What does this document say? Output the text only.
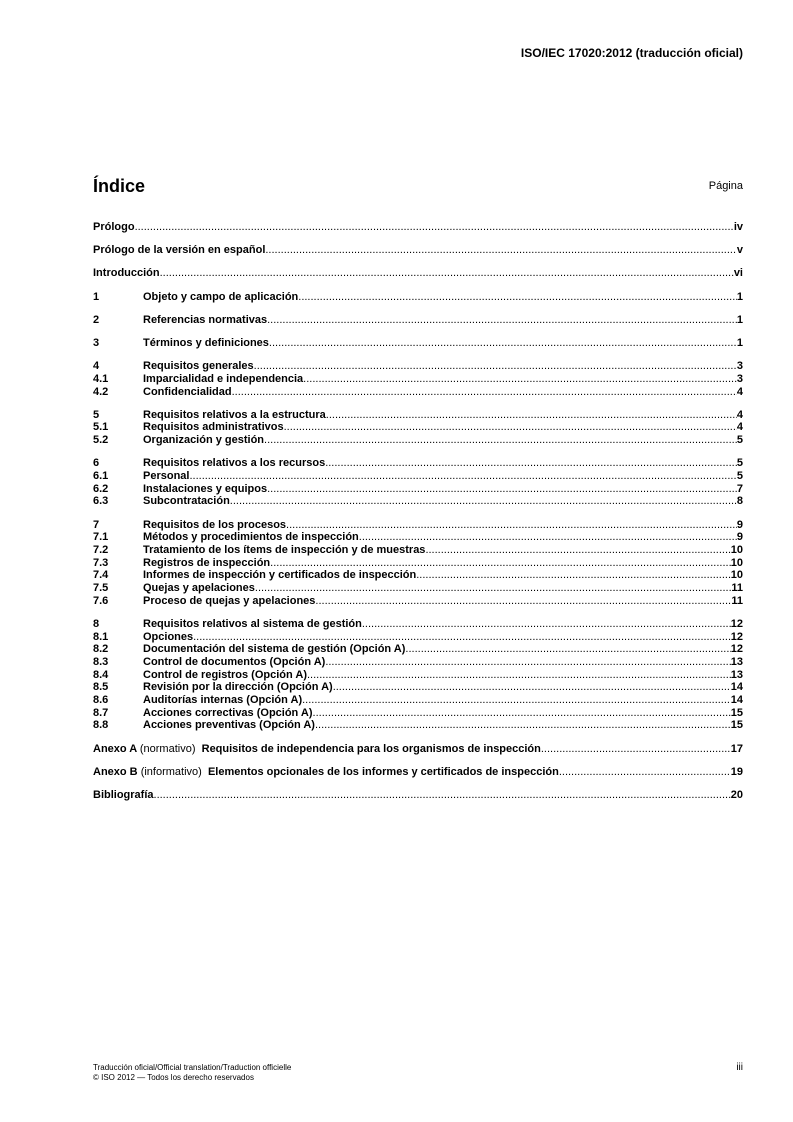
ISO/IEC 17020:2012 (traducción oficial)
Índice	Página
Prólogo .....	iv
Prólogo de la versión en español .....	v
Introducción .....	vi
1	Objeto y campo de aplicación .....	1
2	Referencias normativas .....	1
3	Términos y definiciones .....	1
4	Requisitos generales .....	3
4.1	Imparcialidad e independencia .....	3
4.2	Confidencialidad .....	4
5	Requisitos relativos a la estructura .....	4
5.1	Requisitos administrativos .....	4
5.2	Organización y gestión .....	5
6	Requisitos relativos a los recursos .....	5
6.1	Personal .....	5
6.2	Instalaciones y equipos .....	7
6.3	Subcontratación .....	8
7	Requisitos de los procesos .....	9
7.1	Métodos y procedimientos de inspección .....	9
7.2	Tratamiento de los ítems de inspección y de muestras .....	10
7.3	Registros de inspección .....	10
7.4	Informes de inspección y certificados de inspección .....	10
7.5	Quejas y apelaciones .....	11
7.6	Proceso de quejas y apelaciones .....	11
8	Requisitos relativos al sistema de gestión .....	12
8.1	Opciones .....	12
8.2	Documentación del sistema de gestión (Opción A) .....	12
8.3	Control de documentos (Opción A) .....	13
8.4	Control de registros (Opción A) .....	13
8.5	Revisión por la dirección (Opción A) .....	14
8.6	Auditorías internas (Opción A) .....	14
8.7	Acciones correctivas (Opción A) .....	15
8.8	Acciones preventivas (Opción A) .....	15
Anexo A (normativo) Requisitos de independencia para los organismos de inspección .....	17
Anexo B (informativo) Elementos opcionales de los informes y certificados de inspección .....	19
Bibliografía .....	20
Traducción oficial/Official translation/Traduction officielle
© ISO 2012 — Todos los derecho reservados
iii
